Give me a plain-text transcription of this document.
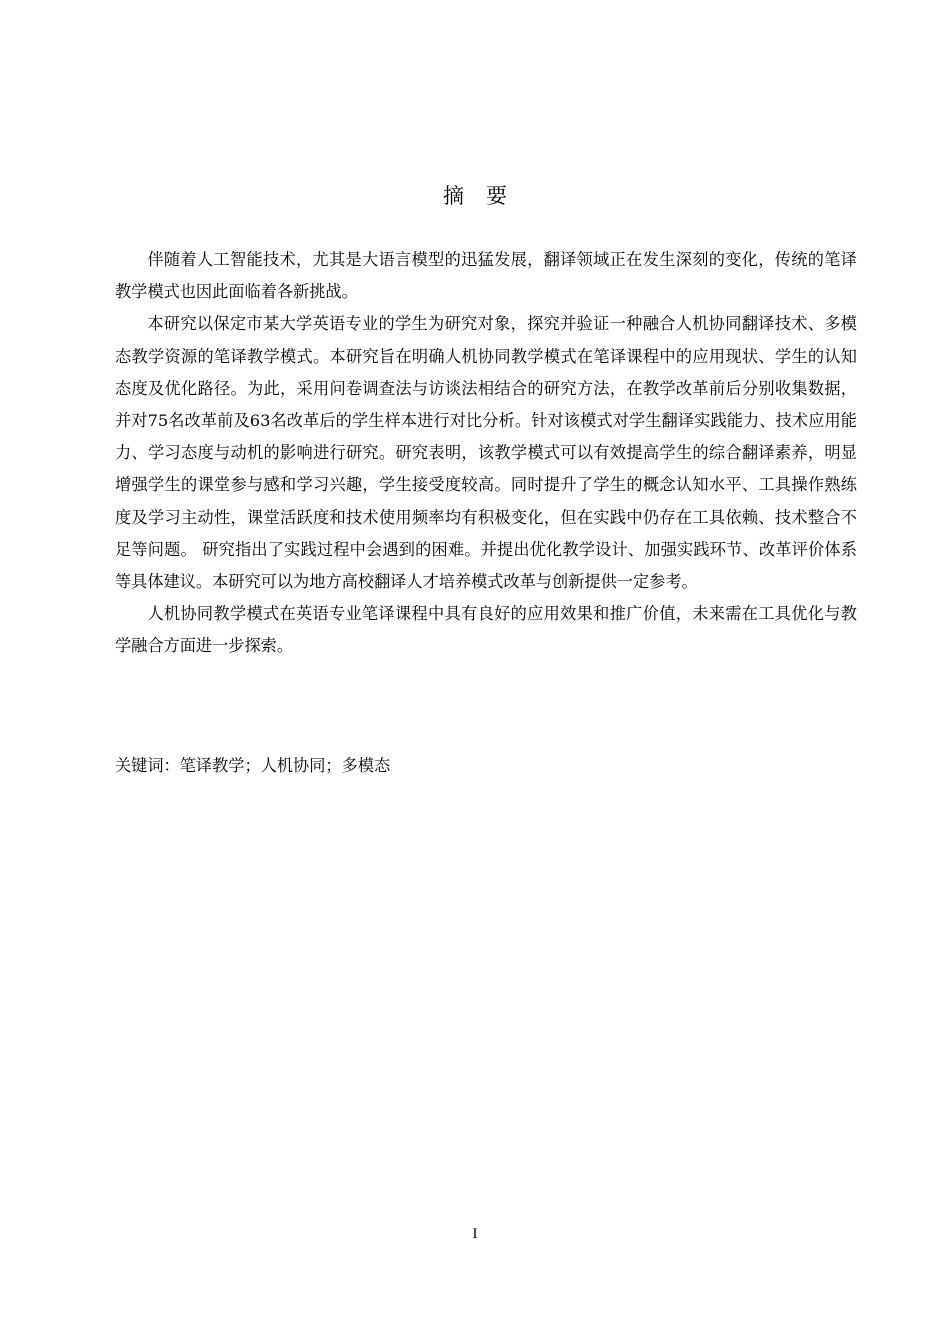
摘 要

伴随着人工智能技术，尤其是大语言模型的迅猛发展，翻译领域正在发生深刻的变化，传统的笔译教学模式也因此面临着各新挑战。

本研究以保定市某大学英语专业的学生为研究对象，探究并验证一种融合人机协同翻译技术、多模态教学资源的笔译教学模式。本研究旨在明确人机协同教学模式在笔译课程中的应用现状、学生的认知态度及优化路径。为此，采用问卷调查法与访谈法相结合的研究方法，在教学改革前后分别收集数据，并对75名改革前及63名改革后的学生样本进行对比分析。针对该模式对学生翻译实践能力、技术应用能力、学习态度与动机的影响进行研究。研究表明，该教学模式可以有效提高学生的综合翻译素养，明显增强学生的课堂参与感和学习兴趣，学生接受度较高。同时提升了学生的概念认知水平、工具操作熟练度及学习主动性，课堂活跃度和技术使用频率均有积极变化，但在实践中仍存在工具依赖、技术整合不足等问题。 研究指出了实践过程中会遇到的困难。并提出优化教学设计、加强实践环节、改革评价体系等具体建议。本研究可以为地方高校翻译人才培养模式改革与创新提供一定参考。

人机协同教学模式在英语专业笔译课程中具有良好的应用效果和推广价值，未来需在工具优化与教学融合方面进一步探索。

关键词：笔译教学；人机协同；多模态
I
